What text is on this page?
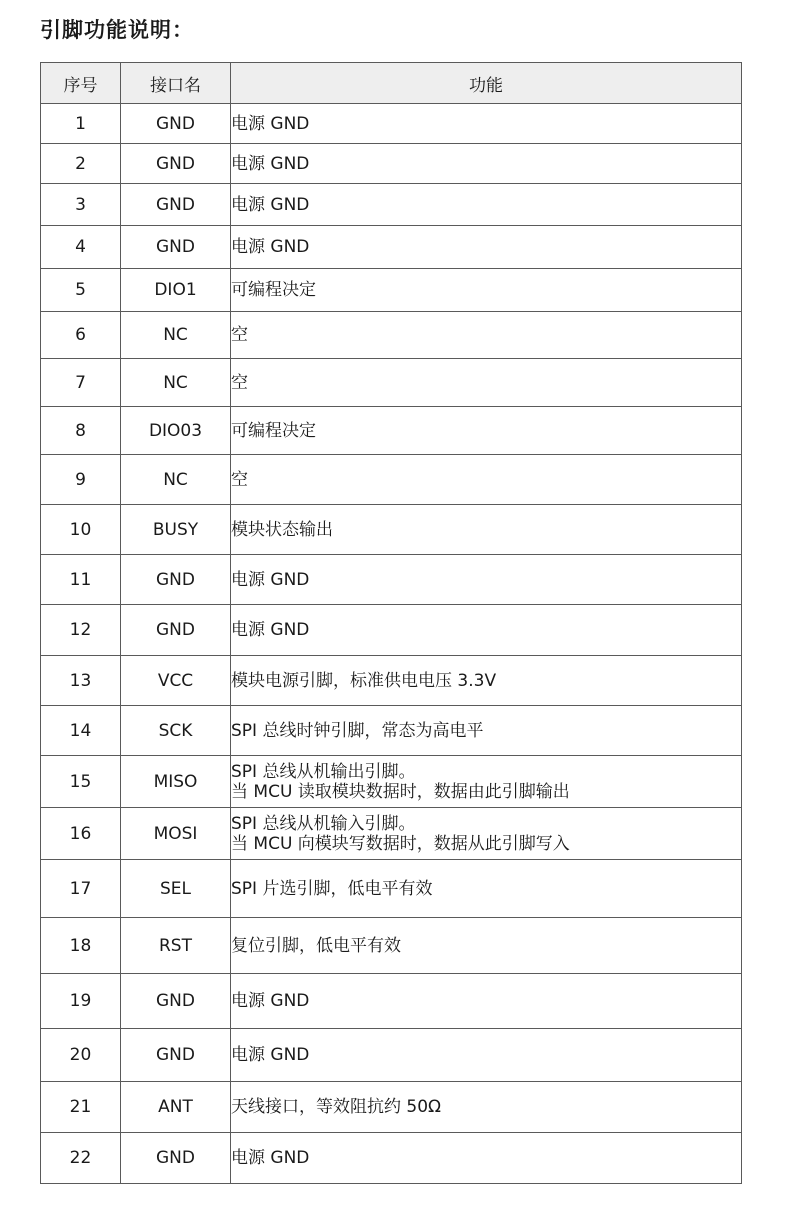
引脚功能说明：
序号	接口名	功能
1	GND	电源 GND

2	GND	电源 GND

3	GND	电源 GND

4	GND	电源 GND

5	DIO1	可编程决定

6	NC	空

7	NC	空

8	DIO03	可编程决定

9	NC	空

10	BUSY	模块状态输出

11	GND	电源 GND

12	GND	电源 GND

13	VCC	模块电源引脚，标准供电电压 3.3V

14	SCK	SPI 总线时钟引脚，常态为高电平

15	MISO	SPI 总线从机输出引脚。
当 MCU 读取模块数据时，数据由此引脚输出

16	MOSI	SPI 总线从机输入引脚。
当 MCU 向模块写数据时，数据从此引脚写入

17	SEL	SPI 片选引脚，低电平有效

18	RST	复位引脚，低电平有效

19	GND	电源 GND

20	GND	电源 GND

21	ANT	天线接口，等效阻抗约 50Ω

22	GND	电源 GND
